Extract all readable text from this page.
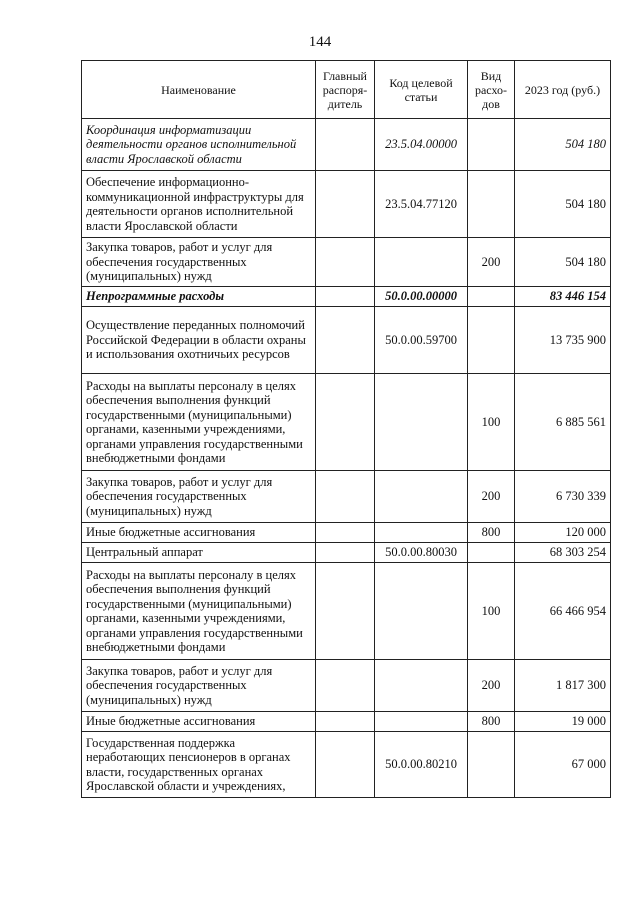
144
Наименование	Главный распоря-дитель	Код целевой статьи	Вид расхо-дов	2023 год (руб.)
Координация информатизации деятельности органов исполнительной власти Ярославской области		23.5.04.00000		504 180
Обеспечение информационно-коммуникационной инфраструктуры для деятельности органов исполнительной власти Ярославской области		23.5.04.77120		504 180
Закупка товаров, работ и услуг для обеспечения государственных (муниципальных) нужд			200	504 180
Непрограммные расходы		50.0.00.00000		83 446 154
Осуществление переданных полномочий Российской Федерации в области охраны и использования охотничьих ресурсов		50.0.00.59700		13 735 900
Расходы на выплаты персоналу в целях обеспечения выполнения функций государственными (муниципальными) органами, казенными учреждениями, органами управления государственными внебюджетными фондами			100	6 885 561
Закупка товаров, работ и услуг для обеспечения государственных (муниципальных) нужд			200	6 730 339
Иные бюджетные ассигнования			800	120 000
Центральный аппарат		50.0.00.80030		68 303 254
Расходы на выплаты персоналу в целях обеспечения выполнения функций государственными (муниципальными) органами, казенными учреждениями, органами управления государственными внебюджетными фондами			100	66 466 954
Закупка товаров, работ и услуг для обеспечения государственных (муниципальных) нужд			200	1 817 300
Иные бюджетные ассигнования			800	19 000
Государственная поддержка неработающих пенсионеров в органах власти, государственных органах Ярославской области и учреждениях,		50.0.00.80210		67 000
